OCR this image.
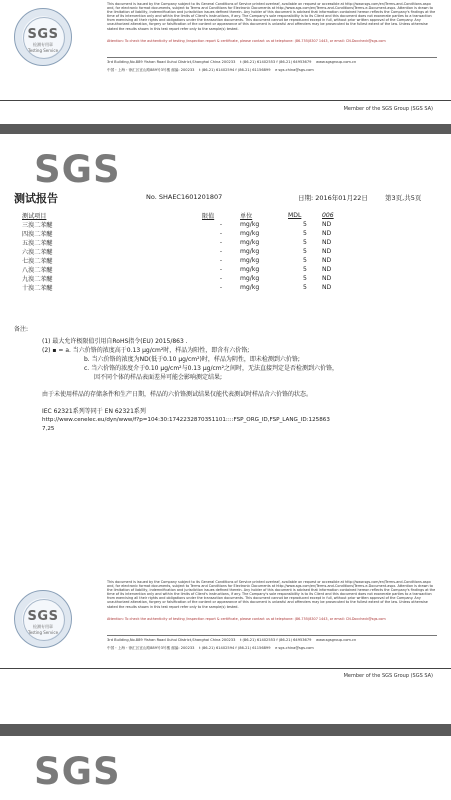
SGS
检测专用章
Testing Service
This document is issued by the Company subject to its General Conditions of Service printed overleaf, available on request or accessible at http://www.sgs.com/en/Terms-and-Conditions.aspx and, for electronic format documents, subject to Terms and Conditions for Electronic Documents at http://www.sgs.com/en/Terms-and-Conditions/Terms-e-Document.aspx. Attention is drawn to the limitation of liability, indemnification and jurisdiction issues defined therein. Any holder of this document is advised that information contained hereon reflects the Company's findings at the time of its intervention only and within the limits of Client's instructions, if any. The Company's sole responsibility is to its Client and this document does not exonerate parties to a transaction from exercising all their rights and obligations under the transaction documents. This document cannot be reproduced except in full, without prior written approval of the Company. Any unauthorized alteration, forgery or falsification of the content or appearance of this document is unlawful and offenders may be prosecuted to the fullest extent of the law. Unless otherwise stated the results shown in this test report refer only to the sample(s) tested.
Attention: To check the authenticity of testing /inspection report & certificate, please contact us at telephone: (86-755)8307 1443, or email: CN.Doccheck@sgs.com
3rd Building,No.889 Yishan Road Xuhui District,Shanghai China 200233 t (86-21) 61402553 f (86-21) 64953679 www.sgsgroup.com.cn
中国・上海・徐汇区宜山路889号3号楼 邮编: 200233 t (86-21) 61402594 f (86-21) 61156899 e sgs.china@sgs.com
Member of the SGS Group (SGS SA)
SGS
测试报告	No. SHAEC1601201807	日期: 2016年01月22日	第3页,共5页
测试项目	限值	单位	MDL	006
三溴二苯醚	-	mg/kg	5	ND
四溴二苯醚	-	mg/kg	5	ND
五溴二苯醚	-	mg/kg	5	ND
六溴二苯醚	-	mg/kg	5	ND
七溴二苯醚	-	mg/kg	5	ND
八溴二苯醚	-	mg/kg	5	ND
九溴二苯醚	-	mg/kg	5	ND
十溴二苯醚	-	mg/kg	5	ND
备注:
(1) 最大允许极限值引用自RoHS指令(EU) 2015/863 .
(2) ▪ = a. 当六价铬的浓度高于0.13 μg/cm²时，样品为阳性，即含有六价铬;
b. 当六价铬的浓度为ND(低于0.10 μg/cm²)时，样品为阴性，即未检测到六价铬;
c. 当六价铬的浓度介于0.10 μg/cm²与0.13 μg/cm²之间时，无法直接判定是否检测到六价铬，
因不同个体的样品表面差异可能会影响测定结果;
由于未使用样品的存储条件和生产日期，样品的六价铬测试结果仅能代表测试时样品含六价铬的状态。
IEC 62321系列等同于 EN 62321系列
http://www.cenelec.eu/dyn/www/f?p=104:30:1742232870351101::::FSP_ORG_ID,FSP_LANG_ID:125863
7,25
SGS
检测专用章
Testing Service
This document is issued by the Company subject to its General Conditions of Service printed overleaf, available on request or accessible at http://www.sgs.com/en/Terms-and-Conditions.aspx and, for electronic format documents, subject to Terms and Conditions for Electronic Documents at http://www.sgs.com/en/Terms-and-Conditions/Terms-e-Document.aspx. Attention is drawn to the limitation of liability, indemnification and jurisdiction issues defined therein. Any holder of this document is advised that information contained hereon reflects the Company's findings at the time of its intervention only and within the limits of Client's instructions, if any. The Company's sole responsibility is to its Client and this document does not exonerate parties to a transaction from exercising all their rights and obligations under the transaction documents. This document cannot be reproduced except in full, without prior written approval of the Company. Any unauthorized alteration, forgery or falsification of the content or appearance of this document is unlawful and offenders may be prosecuted to the fullest extent of the law. Unless otherwise stated the results shown in this test report refer only to the sample(s) tested.
Attention: To check the authenticity of testing /inspection report & certificate, please contact us at telephone: (86-755)8307 1443, or email: CN.Doccheck@sgs.com
3rd Building,No.889 Yishan Road Xuhui District,Shanghai China 200233 t (86-21) 61402553 f (86-21) 64953679 www.sgsgroup.com.cn
中国・上海・徐汇区宜山路889号3号楼 邮编: 200233 t (86-21) 61402594 f (86-21) 61156899 e sgs.china@sgs.com
Member of the SGS Group (SGS SA)
SGS
